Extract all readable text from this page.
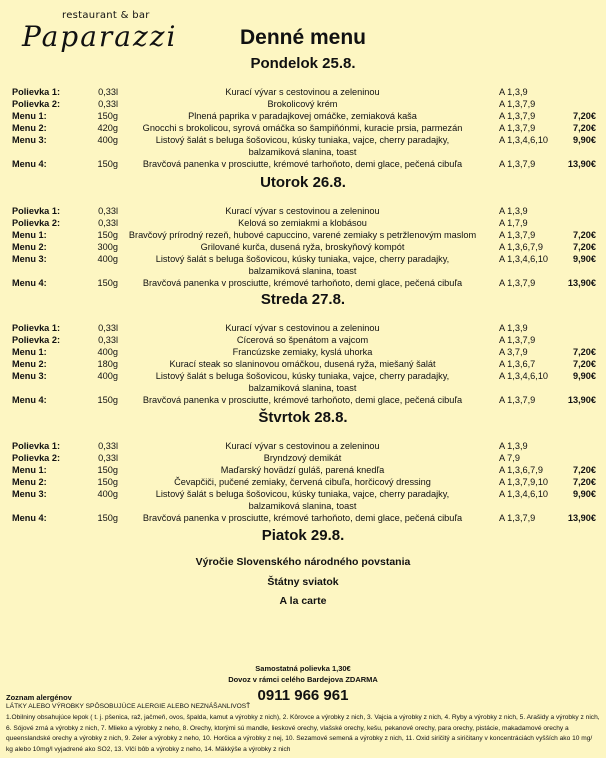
restaurant & bar
Paparazzi	Denné menu
Pondelok 25.8.
Polievka 1:	0,33l	Kurací vývar s cestovinou a zeleninou	A 1,3,9
Polievka 2:	0,33l	Brokolicový krém	A 1,3,7,9
Menu 1:	150g	Plnená paprika v paradajkovej omáčke, zemiaková kaša	A 1,3,7,9	7,20€
Menu 2:	420g	Gnocchi s brokolicou, syrová omáčka so šampiňónmi, kuracie prsia, parmezán	A 1,3,7,9	7,20€
Menu 3:	400g	Listový šalát s beluga šošovicou, kúsky tuniaka, vajce, cherry paradajky,	A 1,3,4,6,10	9,90€
balzamiková slanina, toast
Menu 4:	150g	Bravčová panenka v prosciutte, krémové tarhoňoto, demi glace, pečená cibuľa	A 1,3,7,9	13,90€
Utorok 26.8.
Polievka 1:	0,33l	Kurací vývar s cestovinou a zeleninou	A 1,3,9
Polievka 2:	0,33l	Kelová so zemiakmi a klobásou	A 1,7,9
Menu 1:	150g	Bravčový prírodný rezeň, hubové capuccino, varené zemiaky s petržlenovým maslom	A 1,3,7,9	7,20€
Menu 2:	300g	Grilované kurča, dusená ryža, broskyňový kompót	A 1,3,6,7,9	7,20€
Menu 3:	400g	Listový šalát s beluga šošovicou, kúsky tuniaka, vajce, cherry paradajky,	A 1,3,4,6,10	9,90€
balzamiková slanina, toast
Menu 4:	150g	Bravčová panenka v prosciutte, krémové tarhoňoto, demi glace, pečená cibuľa	A 1,3,7,9	13,90€
Streda 27.8.
Polievka 1:	0,33l	Kurací vývar s cestovinou a zeleninou	A 1,3,9
Polievka 2:	0,33l	Cícerová so špenátom a vajcom	A 1,3,7,9
Menu 1:	400g	Francúzske zemiaky, kyslá uhorka	A 3,7,9	7,20€
Menu 2:	180g	Kurací steak so slaninovou omáčkou, dusená ryža, miešaný šalát	A 1,3,6,7	7,20€
Menu 3:	400g	Listový šalát s beluga šošovicou, kúsky tuniaka, vajce, cherry paradajky,	A 1,3,4,6,10	9,90€
balzamiková slanina, toast
Menu 4:	150g	Bravčová panenka v prosciutte, krémové tarhoňoto, demi glace, pečená cibuľa	A 1,3,7,9	13,90€
Štvrtok 28.8.
Polievka 1:	0,33l	Kurací vývar s cestovinou a zeleninou	A 1,3,9
Polievka 2:	0,33l	Bryndzový demikát	A 7,9
Menu 1:	150g	Maďarský hovädzí guláš, parená knedľa	A 1,3,6,7,9	7,20€
Menu 2:	150g	Čevapčiči, pučené zemiaky, červená cibuľa, horčicový dressing	A 1,3,7,9,10	7,20€
Menu 3:	400g	Listový šalát s beluga šošovicou, kúsky tuniaka, vajce, cherry paradajky,	A 1,3,4,6,10	9,90€
balzamiková slanina, toast
Menu 4:	150g	Bravčová panenka v prosciutte, krémové tarhoňoto, demi glace, pečená cibuľa	A 1,3,7,9	13,90€
Piatok 29.8.
Výročie Slovenského národného povstania
Štátny sviatok
A la carte
Samostatná polievka 1,30€
Dovoz v rámci celého Bardejova ZDARMA
0911 966 961
Zoznam alergénov
LÁTKY ALEBO VÝROBKY SPÔSOBUJÚCE ALERGIE ALEBO NEZNÁŠANLIVOSŤ
1.Obilniny obsahujúce lepok ( t. j. pšenica, raž, jačmeň, ovos, špalda, kamut a výrobky z nich), 2. Kôrovce a výrobky z nich, 3. Vajcia a výrobky z nich, 4. Ryby a výrobky z nich, 5. Arašidy a výrobky z nich, 6. Sójové zrná a výrobky z nich, 7. Mlieko a výrobky z neho, 8. Orechy, ktorými sú mandle, lieskové orechy, vlašské orechy, kešu, pekanové orechy, para orechy, pistácie, makadamové orechy a queenslandské orechy a výrobky z nich, 9. Zeler a výrobky z neho, 10. Horčica a výrobky z nej, 10. Sezamové semená a výrobky z nich, 11. Oxid siričitý a siričitany v koncentráciách vyšších ako 10 mg/ kg alebo 10mg/l vyjadrené ako SO2, 13. Vlčí bôb a výrobky z neho, 14. Mäkkýše a výrobky z nich
